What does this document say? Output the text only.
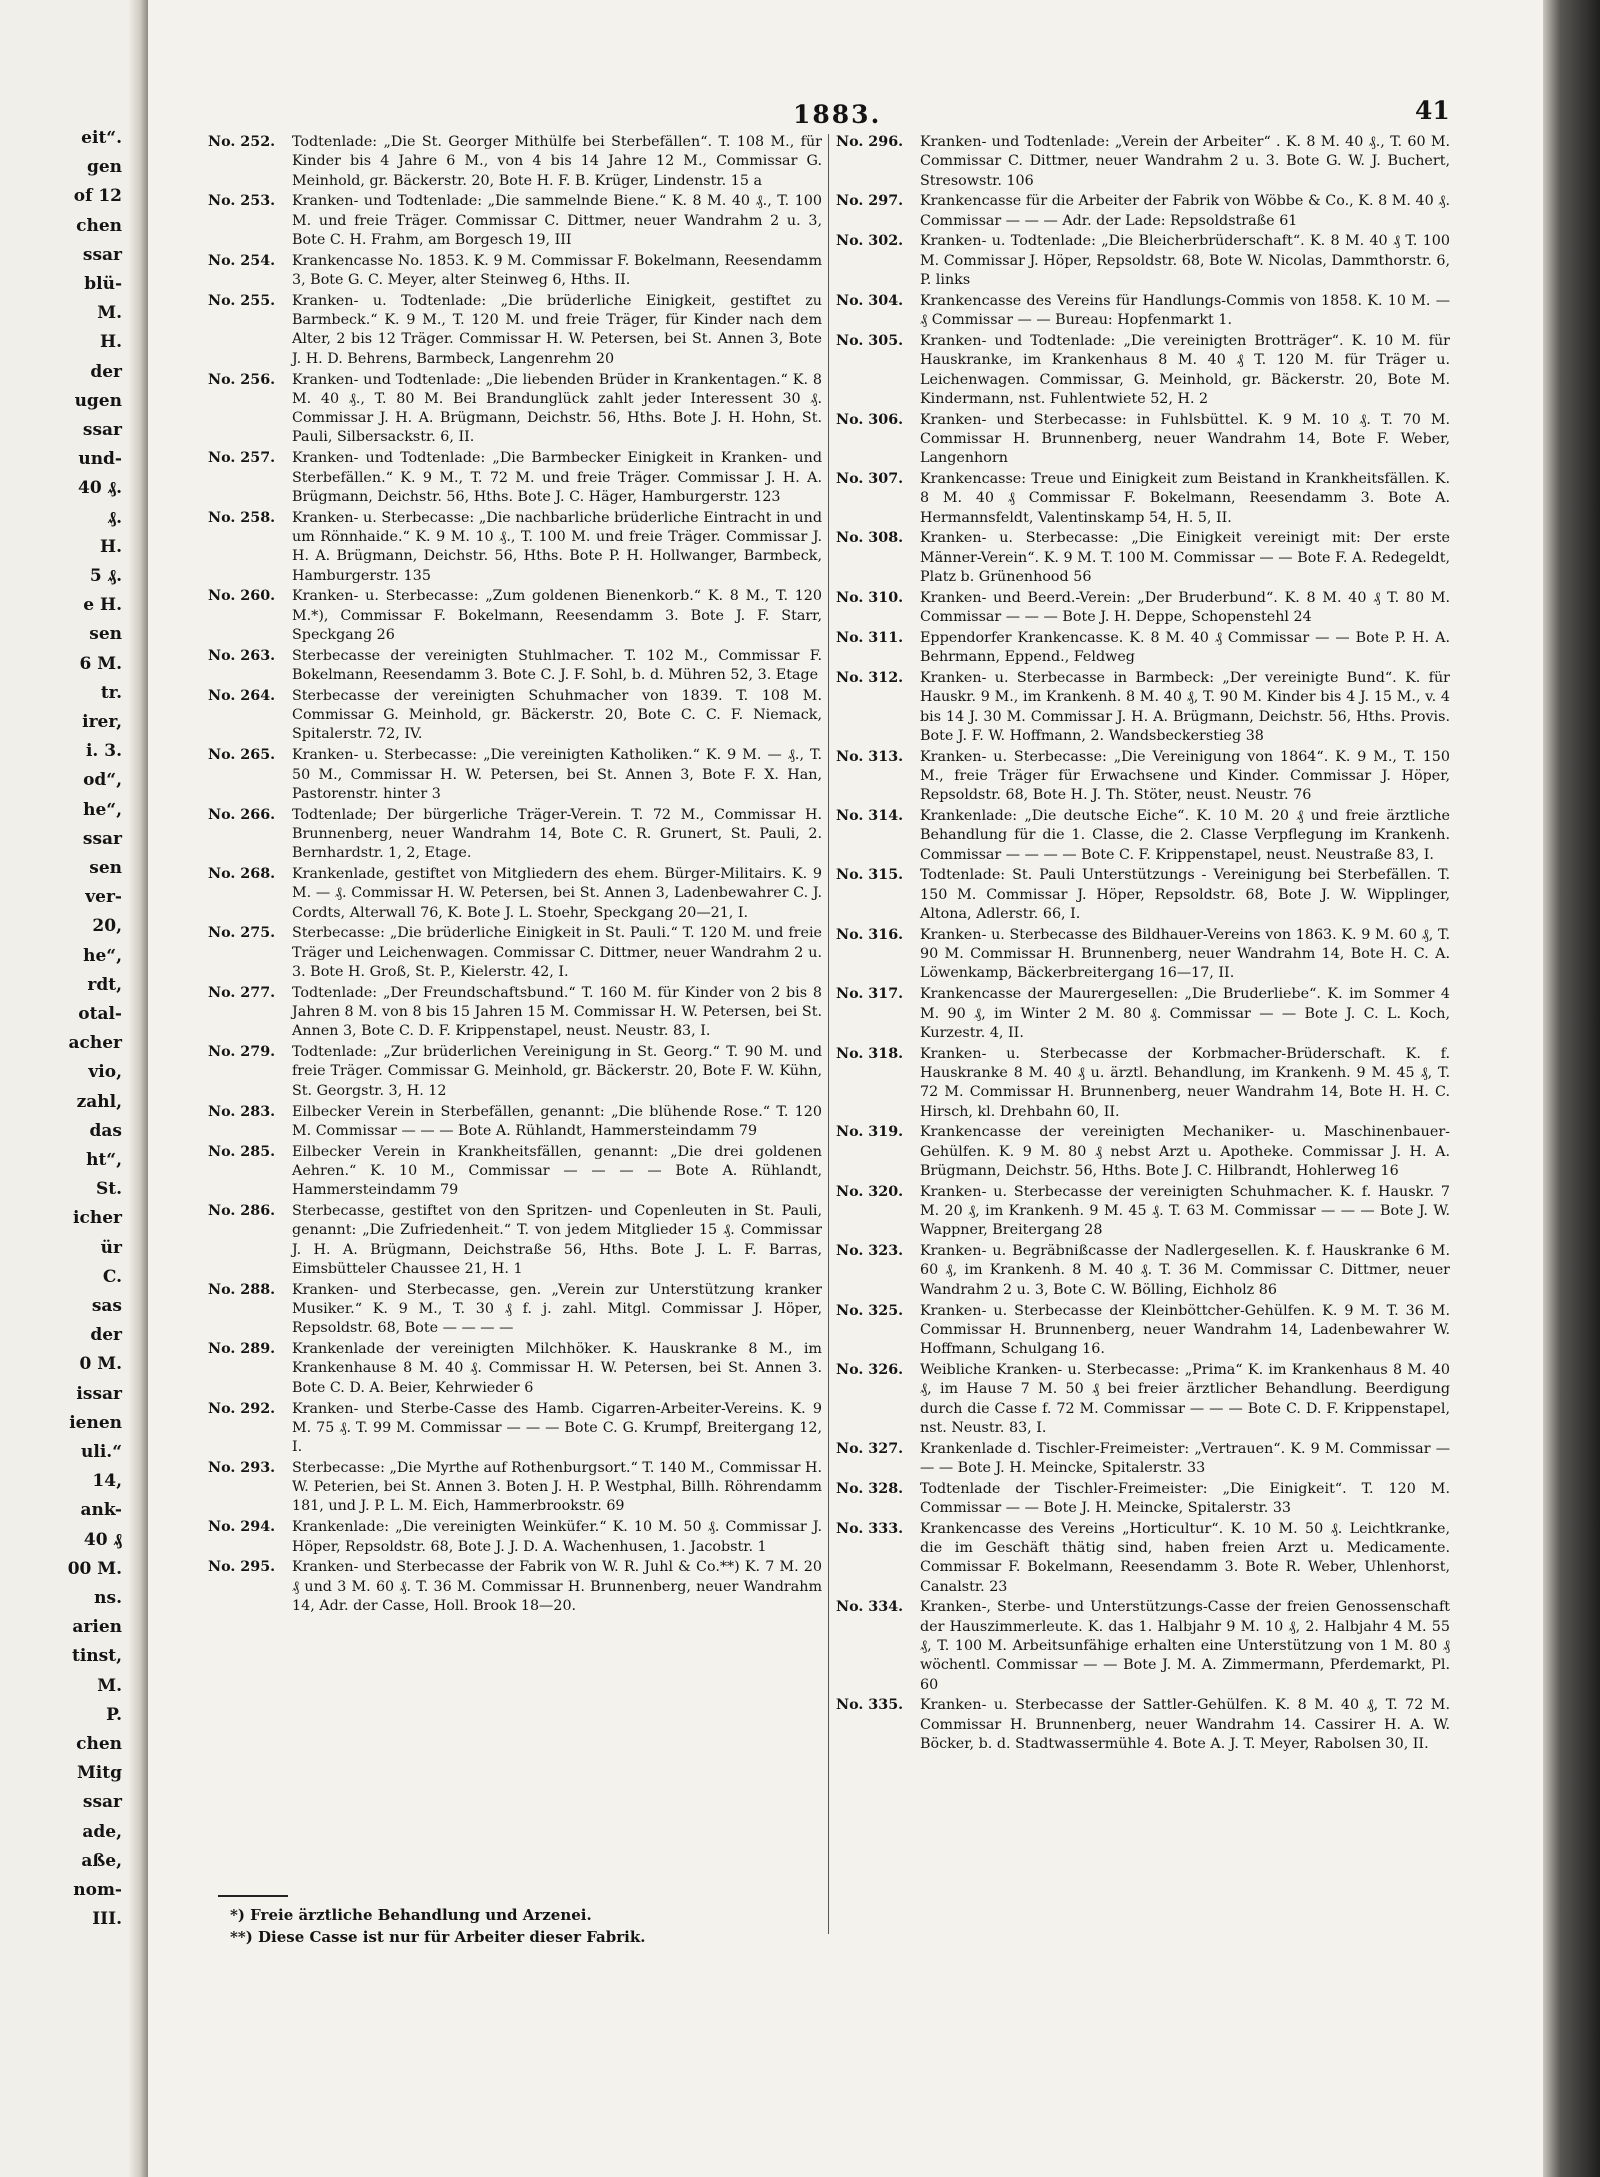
eit“.
gen
of 12
chen
ssar
blü-
M.
H.
der
ugen
ssar
und-
40 ₰.
₰.
H.
5 ₰.
e H.
sen
6 M.
tr.
irer,
i. 3.
od“,
he“,
ssar
sen
ver-
20,
he“,
rdt,
otal-
acher
vio,
zahl,
das
ht“,
St.
icher
ür
C.
sas
der
0 M.
issar
ienen
uli.“
14,
ank-
40 ₰
00 M.
ns.
arien
tinst,
M.
P.
chen
Mitg
ssar
ade,
aße,
nom-
III.
1883.	41
No. 252.	Todtenlade: „Die St. Georger Mithülfe bei Sterbefällen“. T. 108 M., für Kinder bis 4 Jahre 6 M., von 4 bis 14 Jahre 12 M., Commissar G. Meinhold, gr. Bäckerstr. 20, Bote H. F. B. Krüger, Lindenstr. 15 a
No. 253.	Kranken- und Todtenlade: „Die sammelnde Biene.“ K. 8 M. 40 ₰., T. 100 M. und freie Träger. Commissar C. Dittmer, neuer Wandrahm 2 u. 3, Bote C. H. Frahm, am Borgesch 19, III
No. 254.	Krankencasse No. 1853. K. 9 M. Commissar F. Bokelmann, Reesendamm 3, Bote G. C. Meyer, alter Steinweg 6, Hths. II.
No. 255.	Kranken- u. Todtenlade: „Die brüderliche Einigkeit, gestiftet zu Barmbeck.“ K. 9 M., T. 120 M. und freie Träger, für Kinder nach dem Alter, 2 bis 12 Träger. Commissar H. W. Petersen, bei St. Annen 3, Bote J. H. D. Behrens, Barmbeck, Langenrehm 20
No. 256.	Kranken- und Todtenlade: „Die liebenden Brüder in Krankentagen.“ K. 8 M. 40 ₰., T. 80 M. Bei Brandunglück zahlt jeder Interessent 30 ₰. Commissar J. H. A. Brügmann, Deichstr. 56, Hths. Bote J. H. Hohn, St. Pauli, Silbersackstr. 6, II.
No. 257.	Kranken- und Todtenlade: „Die Barmbecker Einigkeit in Kranken- und Sterbefällen.“ K. 9 M., T. 72 M. und freie Träger. Commissar J. H. A. Brügmann, Deichstr. 56, Hths. Bote J. C. Häger, Hamburgerstr. 123
No. 258.	Kranken- u. Sterbecasse: „Die nachbarliche brüderliche Eintracht in und um Rönnhaide.“ K. 9 M. 10 ₰., T. 100 M. und freie Träger. Commissar J. H. A. Brügmann, Deichstr. 56, Hths. Bote P. H. Hollwanger, Barmbeck, Hamburgerstr. 135
No. 260.	Kranken- u. Sterbecasse: „Zum goldenen Bienenkorb.“ K. 8 M., T. 120 M.*), Commissar F. Bokelmann, Reesendamm 3. Bote J. F. Starr, Speckgang 26
No. 263.	Sterbecasse der vereinigten Stuhlmacher. T. 102 M., Commissar F. Bokelmann, Reesendamm 3. Bote C. J. F. Sohl, b. d. Mühren 52, 3. Etage
No. 264.	Sterbecasse der vereinigten Schuhmacher von 1839. T. 108 M. Commissar G. Meinhold, gr. Bäckerstr. 20, Bote C. C. F. Niemack, Spitalerstr. 72, IV.
No. 265.	Kranken- u. Sterbecasse: „Die vereinigten Katholiken.“ K. 9 M. — ₰., T. 50 M., Commissar H. W. Petersen, bei St. Annen 3, Bote F. X. Han, Pastorenstr. hinter 3
No. 266.	Todtenlade; Der bürgerliche Träger-Verein. T. 72 M., Commissar H. Brunnenberg, neuer Wandrahm 14, Bote C. R. Grunert, St. Pauli, 2. Bernhardstr. 1, 2, Etage.
No. 268.	Krankenlade, gestiftet von Mitgliedern des ehem. Bürger-Militairs. K. 9 M. — ₰. Commissar H. W. Petersen, bei St. Annen 3, Ladenbewahrer C. J. Cordts, Alterwall 76, K. Bote J. L. Stoehr, Speckgang 20—21, I.
No. 275.	Sterbecasse: „Die brüderliche Einigkeit in St. Pauli.“ T. 120 M. und freie Träger und Leichenwagen. Commissar C. Dittmer, neuer Wandrahm 2 u. 3. Bote H. Groß, St. P., Kielerstr. 42, I.
No. 277.	Todtenlade: „Der Freundschaftsbund.“ T. 160 M. für Kinder von 2 bis 8 Jahren 8 M. von 8 bis 15 Jahren 15 M. Commissar H. W. Petersen, bei St. Annen 3, Bote C. D. F. Krippenstapel, neust. Neustr. 83, I.
No. 279.	Todtenlade: „Zur brüderlichen Vereinigung in St. Georg.“ T. 90 M. und freie Träger. Commissar G. Meinhold, gr. Bäckerstr. 20, Bote F. W. Kühn, St. Georgstr. 3, H. 12
No. 283.	Eilbecker Verein in Sterbefällen, genannt: „Die blühende Rose.“ T. 120 M. Commissar — — — Bote A. Rühlandt, Hammersteindamm 79
No. 285.	Eilbecker Verein in Krankheitsfällen, genannt: „Die drei goldenen Aehren.“ K. 10 M., Commissar — — — — Bote A. Rühlandt, Hammersteindamm 79
No. 286.	Sterbecasse, gestiftet von den Spritzen- und Copenleuten in St. Pauli, genannt: „Die Zufriedenheit.“ T. von jedem Mitglieder 15 ₰. Commissar J. H. A. Brügmann, Deichstraße 56, Hths. Bote J. L. F. Barras, Eimsbütteler Chaussee 21, H. 1
No. 288.	Kranken- und Sterbecasse, gen. „Verein zur Unterstützung kranker Musiker.“ K. 9 M., T. 30 ₰ f. j. zahl. Mitgl. Commissar J. Höper, Repsoldstr. 68, Bote — — — —
No. 289.	Krankenlade der vereinigten Milchhöker. K. Hauskranke 8 M., im Krankenhause 8 M. 40 ₰. Commissar H. W. Petersen, bei St. Annen 3. Bote C. D. A. Beier, Kehrwieder 6
No. 292.	Kranken- und Sterbe-Casse des Hamb. Cigarren-Arbeiter-Vereins. K. 9 M. 75 ₰. T. 99 M. Commissar — — — Bote C. G. Krumpf, Breitergang 12, I.
No. 293.	Sterbecasse: „Die Myrthe auf Rothenburgsort.“ T. 140 M., Commissar H. W. Peterien, bei St. Annen 3. Boten J. H. P. Westphal, Billh. Röhrendamm 181, und J. P. L. M. Eich, Hammerbrookstr. 69
No. 294.	Krankenlade: „Die vereinigten Weinküfer.“ K. 10 M. 50 ₰. Commissar J. Höper, Repsoldstr. 68, Bote J. J. D. A. Wachenhusen, 1. Jacobstr. 1
No. 295.	Kranken- und Sterbecasse der Fabrik von W. R. Juhl & Co.**) K. 7 M. 20 ₰ und 3 M. 60 ₰. T. 36 M. Commissar H. Brunnenberg, neuer Wandrahm 14, Adr. der Casse, Holl. Brook 18—20.
No. 296.	Kranken- und Todtenlade: „Verein der Arbeiter“ . K. 8 M. 40 ₰., T. 60 M. Commissar C. Dittmer, neuer Wandrahm 2 u. 3. Bote G. W. J. Buchert, Stresowstr. 106
No. 297.	Krankencasse für die Arbeiter der Fabrik von Wöbbe & Co., K. 8 M. 40 ₰. Commissar — — — Adr. der Lade: Repsoldstraße 61
No. 302.	Kranken- u. Todtenlade: „Die Bleicherbrüderschaft“. K. 8 M. 40 ₰ T. 100 M. Commissar J. Höper, Repsoldstr. 68, Bote W. Nicolas, Dammthorstr. 6, P. links
No. 304.	Krankencasse des Vereins für Handlungs-Commis von 1858. K. 10 M. — ₰ Commissar — — Bureau: Hopfenmarkt 1.
No. 305.	Kranken- und Todtenlade: „Die vereinigten Brotträger“. K. 10 M. für Hauskranke, im Krankenhaus 8 M. 40 ₰ T. 120 M. für Träger u. Leichenwagen. Commissar, G. Meinhold, gr. Bäckerstr. 20, Bote M. Kindermann, nst. Fuhlentwiete 52, H. 2
No. 306.	Kranken- und Sterbecasse: in Fuhlsbüttel. K. 9 M. 10 ₰. T. 70 M. Commissar H. Brunnenberg, neuer Wandrahm 14, Bote F. Weber, Langenhorn
No. 307.	Krankencasse: Treue und Einigkeit zum Beistand in Krankheitsfällen. K. 8 M. 40 ₰ Commissar F. Bokelmann, Reesendamm 3. Bote A. Hermannsfeldt, Valentinskamp 54, H. 5, II.
No. 308.	Kranken- u. Sterbecasse: „Die Einigkeit vereinigt mit: Der erste Männer-Verein“. K. 9 M. T. 100 M. Commissar — — Bote F. A. Redegeldt, Platz b. Grünenhood 56
No. 310.	Kranken- und Beerd.-Verein: „Der Bruderbund“. K. 8 M. 40 ₰ T. 80 M. Commissar — — — Bote J. H. Deppe, Schopenstehl 24
No. 311.	Eppendorfer Krankencasse. K. 8 M. 40 ₰ Commissar — — Bote P. H. A. Behrmann, Eppend., Feldweg
No. 312.	Kranken- u. Sterbecasse in Barmbeck: „Der vereinigte Bund“. K. für Hauskr. 9 M., im Krankenh. 8 M. 40 ₰, T. 90 M. Kinder bis 4 J. 15 M., v. 4 bis 14 J. 30 M. Commissar J. H. A. Brügmann, Deichstr. 56, Hths. Provis. Bote J. F. W. Hoffmann, 2. Wandsbeckerstieg 38
No. 313.	Kranken- u. Sterbecasse: „Die Vereinigung von 1864“. K. 9 M., T. 150 M., freie Träger für Erwachsene und Kinder. Commissar J. Höper, Repsoldstr. 68, Bote H. J. Th. Stöter, neust. Neustr. 76
No. 314.	Krankenlade: „Die deutsche Eiche“. K. 10 M. 20 ₰ und freie ärztliche Behandlung für die 1. Classe, die 2. Classe Verpflegung im Krankenh. Commissar — — — — Bote C. F. Krippenstapel, neust. Neustraße 83, I.
No. 315.	Todtenlade: St. Pauli Unterstützungs - Vereinigung bei Sterbefällen. T. 150 M. Commissar J. Höper, Repsoldstr. 68, Bote J. W. Wipplinger, Altona, Adlerstr. 66, I.
No. 316.	Kranken- u. Sterbecasse des Bildhauer-Vereins von 1863. K. 9 M. 60 ₰, T. 90 M. Commissar H. Brunnenberg, neuer Wandrahm 14, Bote H. C. A. Löwenkamp, Bäckerbreitergang 16—17, II.
No. 317.	Krankencasse der Maurergesellen: „Die Bruderliebe“. K. im Sommer 4 M. 90 ₰, im Winter 2 M. 80 ₰. Commissar — — Bote J. C. L. Koch, Kurzestr. 4, II.
No. 318.	Kranken- u. Sterbecasse der Korbmacher-Brüderschaft. K. f. Hauskranke 8 M. 40 ₰ u. ärztl. Behandlung, im Krankenh. 9 M. 45 ₰, T. 72 M. Commissar H. Brunnenberg, neuer Wandrahm 14, Bote H. H. C. Hirsch, kl. Drehbahn 60, II.
No. 319.	Krankencasse der vereinigten Mechaniker- u. Maschinenbauer-Gehülfen. K. 9 M. 80 ₰ nebst Arzt u. Apotheke. Commissar J. H. A. Brügmann, Deichstr. 56, Hths. Bote J. C. Hilbrandt, Hohlerweg 16
No. 320.	Kranken- u. Sterbecasse der vereinigten Schuhmacher. K. f. Hauskr. 7 M. 20 ₰, im Krankenh. 9 M. 45 ₰. T. 63 M. Commissar — — — Bote J. W. Wappner, Breitergang 28
No. 323.	Kranken- u. Begräbnißcasse der Nadlergesellen. K. f. Hauskranke 6 M. 60 ₰, im Krankenh. 8 M. 40 ₰. T. 36 M. Commissar C. Dittmer, neuer Wandrahm 2 u. 3, Bote C. W. Bölling, Eichholz 86
No. 325.	Kranken- u. Sterbecasse der Kleinböttcher-Gehülfen. K. 9 M. T. 36 M. Commissar H. Brunnenberg, neuer Wandrahm 14, Ladenbewahrer W. Hoffmann, Schulgang 16.
No. 326.	Weibliche Kranken- u. Sterbecasse: „Prima“ K. im Krankenhaus 8 M. 40 ₰, im Hause 7 M. 50 ₰ bei freier ärztlicher Behandlung. Beerdigung durch die Casse f. 72 M. Commissar — — — Bote C. D. F. Krippenstapel, nst. Neustr. 83, I.
No. 327.	Krankenlade d. Tischler-Freimeister: „Vertrauen“. K. 9 M. Commissar — — — Bote J. H. Meincke, Spitalerstr. 33
No. 328.	Todtenlade der Tischler-Freimeister: „Die Einigkeit“. T. 120 M. Commissar — — Bote J. H. Meincke, Spitalerstr. 33
No. 333.	Krankencasse des Vereins „Horticultur“. K. 10 M. 50 ₰. Leichtkranke, die im Geschäft thätig sind, haben freien Arzt u. Medicamente. Commissar F. Bokelmann, Reesendamm 3. Bote R. Weber, Uhlenhorst, Canalstr. 23
No. 334.	Kranken-, Sterbe- und Unterstützungs-Casse der freien Genossenschaft der Hauszimmerleute. K. das 1. Halbjahr 9 M. 10 ₰, 2. Halbjahr 4 M. 55 ₰, T. 100 M. Arbeitsunfähige erhalten eine Unterstützung von 1 M. 80 ₰ wöchentl. Commissar — — Bote J. M. A. Zimmermann, Pferdemarkt, Pl. 60
No. 335.	Kranken- u. Sterbecasse der Sattler-Gehülfen. K. 8 M. 40 ₰, T. 72 M. Commissar H. Brunnenberg, neuer Wandrahm 14. Cassirer H. A. W. Böcker, b. d. Stadtwassermühle 4. Bote A. J. T. Meyer, Rabolsen 30, II.
*) Freie ärztliche Behandlung und Arzenei.
**) Diese Casse ist nur für Arbeiter dieser Fabrik.
